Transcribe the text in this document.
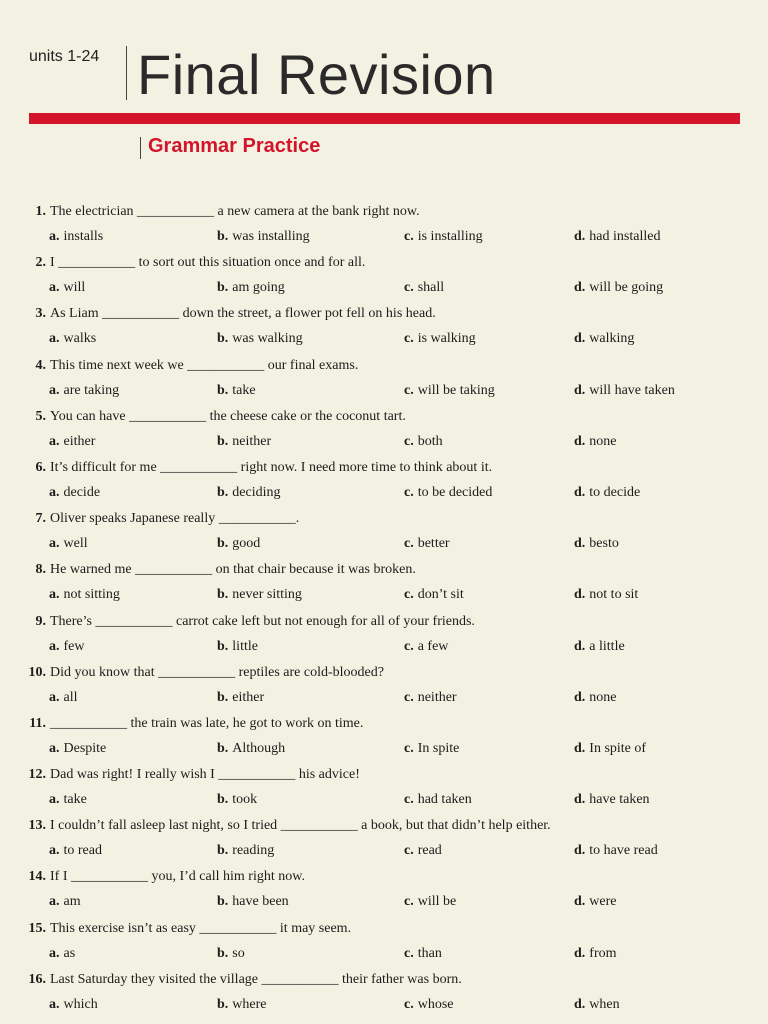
units 1-24 Final Revision
Grammar Practice
1. The electrician ___________ a new camera at the bank right now.
a. installs	b. was installing	c. is installing	d. had installed
2. I ___________ to sort out this situation once and for all.
a. will	b. am going	c. shall	d. will be going
3. As Liam ___________ down the street, a flower pot fell on his head.
a. walks	b. was walking	c. is walking	d. walking
4. This time next week we ___________ our final exams.
a. are taking	b. take	c. will be taking	d. will have taken
5. You can have ___________ the cheese cake or the coconut tart.
a. either	b. neither	c. both	d. none
6. It’s difficult for me ___________ right now. I need more time to think about it.
a. decide	b. deciding	c. to be decided	d. to decide
7. Oliver speaks Japanese really ___________.
a. well	b. good	c. better	d. besto
8. He warned me ___________ on that chair because it was broken.
a. not sitting	b. never sitting	c. don’t sit	d. not to sit
9. There’s ___________ carrot cake left but not enough for all of your friends.
a. few	b. little	c. a few	d. a little
10. Did you know that ___________ reptiles are cold-blooded?
a. all	b. either	c. neither	d. none
11. ___________ the train was late, he got to work on time.
a. Despite	b. Although	c. In spite	d. In spite of
12. Dad was right! I really wish I ___________ his advice!
a. take	b. took	c. had taken	d. have taken
13. I couldn’t fall asleep last night, so I tried ___________ a book, but that didn’t help either.
a. to read	b. reading	c. read	d. to have read
14. If I ___________ you, I’d call him right now.
a. am	b. have been	c. will be	d. were
15. This exercise isn’t as easy ___________ it may seem.
a. as	b. so	c. than	d. from
16. Last Saturday they visited the village ___________ their father was born.
a. which	b. where	c. whose	d. when
